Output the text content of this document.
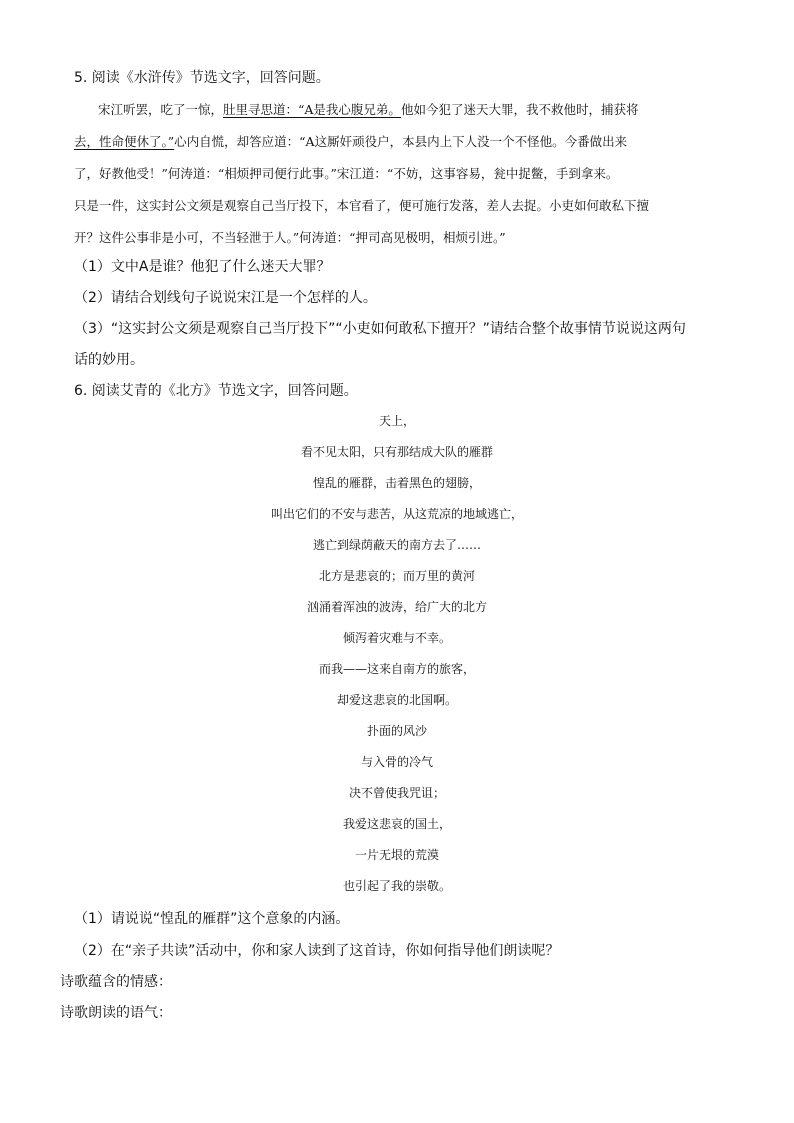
5. 阅读《水浒传》节选文字，回答问题。
宋江听罢，吃了一惊，肚里寻思道：“A是我心腹兄弟。他如今犯了迷天大罪，我不救他时，捕获将
去，性命便休了。”心内自慌，却答应道：“A这厮奸顽役户，本县内上下人没一个不怪他。今番做出来
了，好教他受！”何涛道：“相烦押司便行此事。”宋江道：“不妨，这事容易，瓮中捉鳖，手到拿来。
只是一件，这实封公文须是观察自己当厅投下，本官看了，便可施行发落，差人去捉。小吏如何敢私下擅
开？这件公事非是小可，不当轻泄于人。”何涛道：“押司高见极明，相烦引进。”
（1）文中A是谁？他犯了什么迷天大罪？
（2）请结合划线句子说说宋江是一个怎样的人。
（3）“这实封公文须是观察自己当厅投下”“小吏如何敢私下擅开？”请结合整个故事情节说说这两句
话的妙用。
6. 阅读艾青的《北方》节选文字，回答问题。
天上，
看不见太阳，只有那结成大队的雁群
惶乱的雁群，击着黑色的翅膀，
叫出它们的不安与悲苦，从这荒凉的地域逃亡，
逃亡到绿荫蔽天的南方去了……
北方是悲哀的；而万里的黄河
汹涌着浑浊的波涛，给广大的北方
倾泻着灾难与不幸。
而我——这来自南方的旅客，
却爱这悲哀的北国啊。
扑面的风沙
与入骨的冷气
决不曾使我咒诅；
我爱这悲哀的国土，
一片无垠的荒漠
也引起了我的崇敬。
（1）请说说“惶乱的雁群”这个意象的内涵。
（2）在“亲子共读”活动中，你和家人读到了这首诗，你如何指导他们朗读呢？
诗歌蕴含的情感：
诗歌朗读的语气：
